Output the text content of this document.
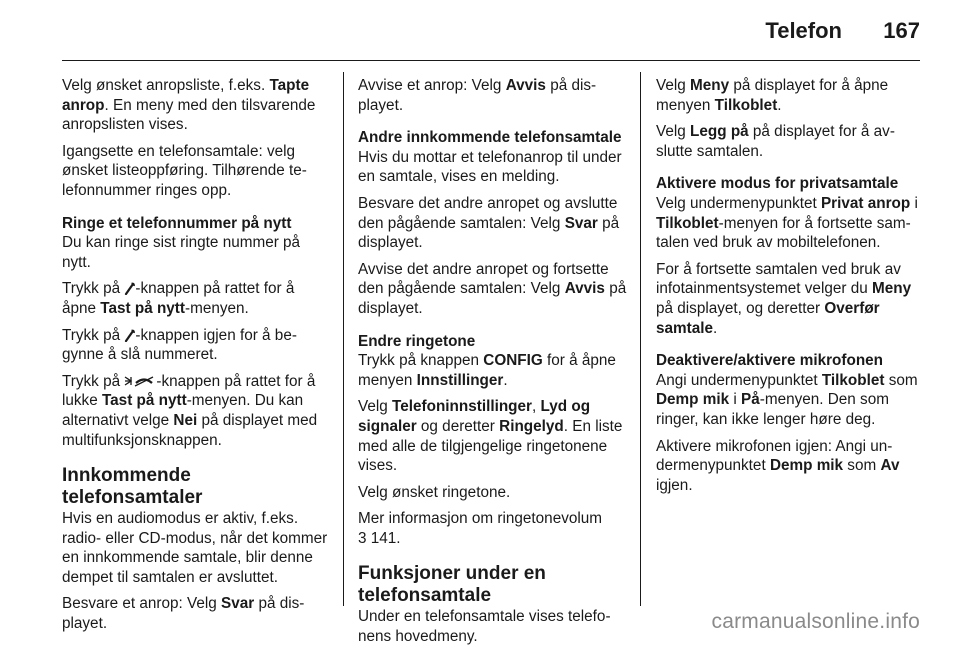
Telefon 167

Velg ønsket anropsliste, f.eks. Tapte anrop. En meny med den tilsvarende anropslisten vises.

Igangsette en telefonsamtale: velg ønsket listeoppføring. Tilhørende telefonnummer ringes opp.

Ringe et telefonnummer på nytt

Du kan ringe sist ringte nummer på nytt.

Trykk på -knappen på rattet for å åpne Tast på nytt-menyen.

Trykk på -knappen igjen for å begynne å slå nummeret.

Trykk på -knappen på rattet for å lukke Tast på nytt-menyen. Du kan alternativt velge Nei på displayet med multifunksjonsknappen.

Innkommende telefonsamtaler

Hvis en audiomodus er aktiv, f.eks. radio- eller CD-modus, når det kommer en innkommende samtale, blir denne dempet til samtalen er avsluttet.

Besvare et anrop: Velg Svar på displayet.

Avvise et anrop: Velg Avvis på displayet.

Andre innkommende telefonsamtale

Hvis du mottar et telefonanrop til under en samtale, vises en melding.

Besvare det andre anropet og avslutte den pågående samtalen: Velg Svar på displayet.

Avvise det andre anropet og fortsette den pågående samtalen: Velg Avvis på displayet.

Endre ringetone

Trykk på knappen CONFIG for å åpne menyen Innstillinger.

Velg Telefoninnstillinger, Lyd og signaler og deretter Ringelyd. En liste med alle de tilgjengelige ringetonene vises.

Velg ønsket ringetone.

Mer informasjon om ringetonevolum
3 141.

Funksjoner under en telefonsamtale

Under en telefonsamtale vises telefonens hovedmeny.

Velg Meny på displayet for å åpne menyen Tilkoblet.

Velg Legg på på displayet for å avslutte samtalen.

Aktivere modus for privatsamtale

Velg undermenypunktet Privat anrop i Tilkoblet-menyen for å fortsette samtalen ved bruk av mobiltelefonen.

For å fortsette samtalen ved bruk av infotainmentsystemet velger du Meny på displayet, og deretter Overfør samtale.

Deaktivere/aktivere mikrofonen

Angi undermenypunktet Tilkoblet som Demp mik i På-menyen. Den som ringer, kan ikke lenger høre deg.

Aktivere mikrofonen igjen: Angi undermenypunktet Demp mik som Av igjen.

carmanualsonline.info
